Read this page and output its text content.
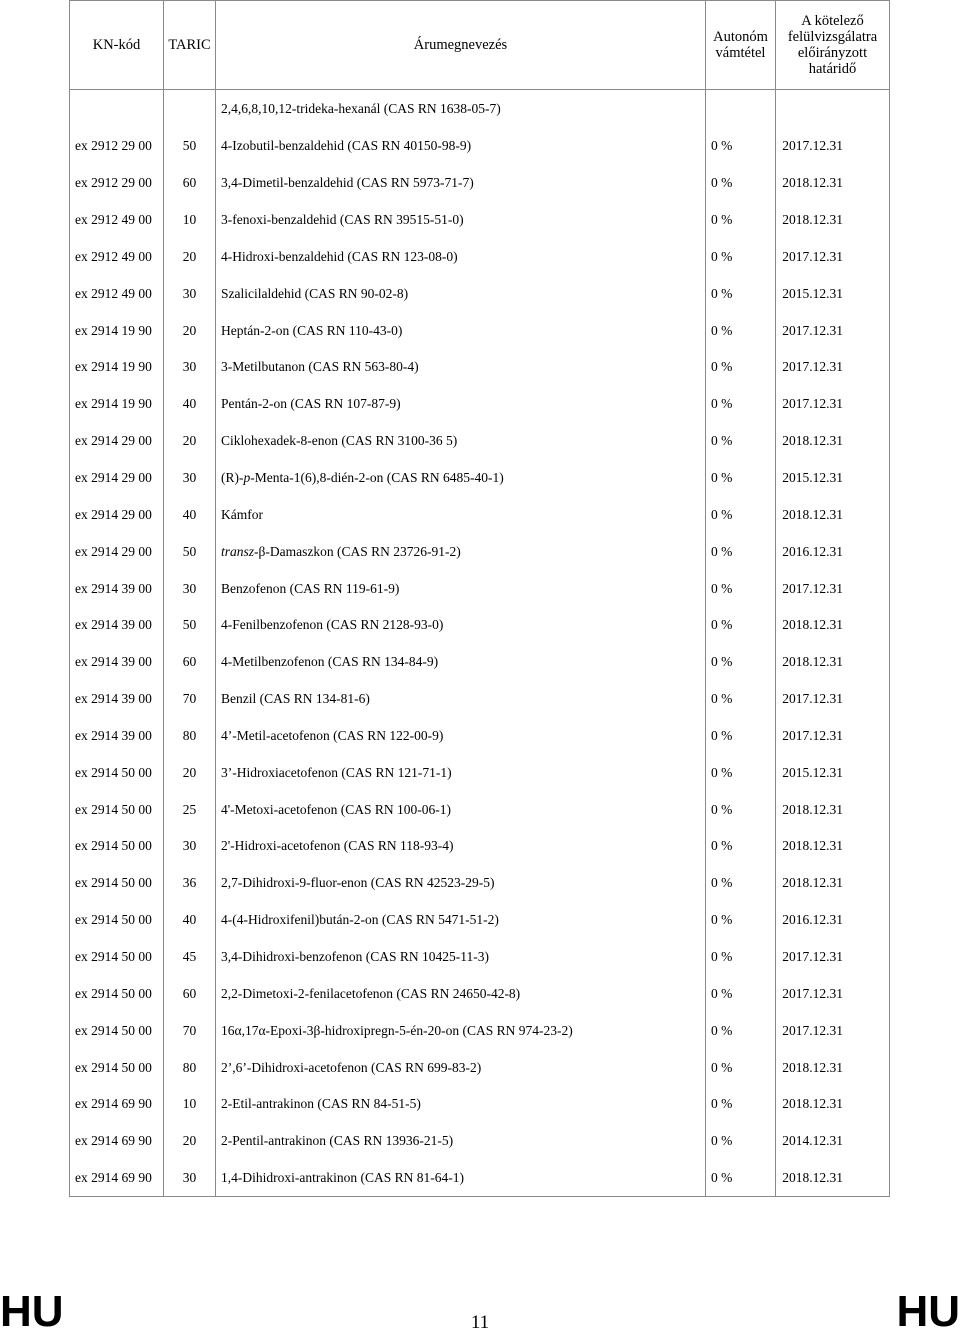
KN-kód	TARIC	Árumegnevezés	Autonóm vámtétel	A kötelező felülvizsgálatra előirányzott határidő
		2,4,6,8,10,12-trideka-hexanál (CAS RN 1638-05-7)		
ex 2912 29 00	50	4-Izobutil-benzaldehid (CAS RN 40150-98-9)	0 %	2017.12.31
ex 2912 29 00	60	3,4-Dimetil-benzaldehid (CAS RN 5973-71-7)	0 %	2018.12.31
ex 2912 49 00	10	3-fenoxi-benzaldehid (CAS RN 39515-51-0)	0 %	2018.12.31
ex 2912 49 00	20	4-Hidroxi-benzaldehid (CAS RN 123-08-0)	0 %	2017.12.31
ex 2912 49 00	30	Szalicilaldehid (CAS RN 90-02-8)	0 %	2015.12.31
ex 2914 19 90	20	Heptán-2-on (CAS RN 110-43-0)	0 %	2017.12.31
ex 2914 19 90	30	3-Metilbutanon (CAS RN 563-80-4)	0 %	2017.12.31
ex 2914 19 90	40	Pentán-2-on (CAS RN 107-87-9)	0 %	2017.12.31
ex 2914 29 00	20	Ciklohexadek-8-enon (CAS RN 3100-36 5)	0 %	2018.12.31
ex 2914 29 00	30	(R)-p-Menta-1(6),8-dién-2-on (CAS RN 6485-40-1)	0 %	2015.12.31
ex 2914 29 00	40	Kámfor	0 %	2018.12.31
ex 2914 29 00	50	transz-β-Damaszkon (CAS RN 23726-91-2)	0 %	2016.12.31
ex 2914 39 00	30	Benzofenon (CAS RN 119-61-9)	0 %	2017.12.31
ex 2914 39 00	50	4-Fenilbenzofenon (CAS RN 2128-93-0)	0 %	2018.12.31
ex 2914 39 00	60	4-Metilbenzofenon (CAS RN 134-84-9)	0 %	2018.12.31
ex 2914 39 00	70	Benzil (CAS RN 134-81-6)	0 %	2017.12.31
ex 2914 39 00	80	4’-Metil-acetofenon (CAS RN 122-00-9)	0 %	2017.12.31
ex 2914 50 00	20	3’-Hidroxiacetofenon (CAS RN 121-71-1)	0 %	2015.12.31
ex 2914 50 00	25	4'-Metoxi-acetofenon (CAS RN 100-06-1)	0 %	2018.12.31
ex 2914 50 00	30	2'-Hidroxi-acetofenon (CAS RN 118-93-4)	0 %	2018.12.31
ex 2914 50 00	36	2,7-Dihidroxi-9-fluor-enon (CAS RN 42523-29-5)	0 %	2018.12.31
ex 2914 50 00	40	4-(4-Hidroxifenil)bután-2-on (CAS RN 5471-51-2)	0 %	2016.12.31
ex 2914 50 00	45	3,4-Dihidroxi-benzofenon (CAS RN 10425-11-3)	0 %	2017.12.31
ex 2914 50 00	60	2,2-Dimetoxi-2-fenilacetofenon (CAS RN 24650-42-8)	0 %	2017.12.31
ex 2914 50 00	70	16α,17α-Epoxi-3β-hidroxipregn-5-én-20-on (CAS RN 974-23-2)	0 %	2017.12.31
ex 2914 50 00	80	2’,6’-Dihidroxi-acetofenon (CAS RN 699-83-2)	0 %	2018.12.31
ex 2914 69 90	10	2-Etil-antrakinon (CAS RN 84-51-5)	0 %	2018.12.31
ex 2914 69 90	20	2-Pentil-antrakinon (CAS RN 13936-21-5)	0 %	2014.12.31
ex 2914 69 90	30	1,4-Dihidroxi-antrakinon (CAS RN 81-64-1)	0 %	2018.12.31
HU	11	HU
